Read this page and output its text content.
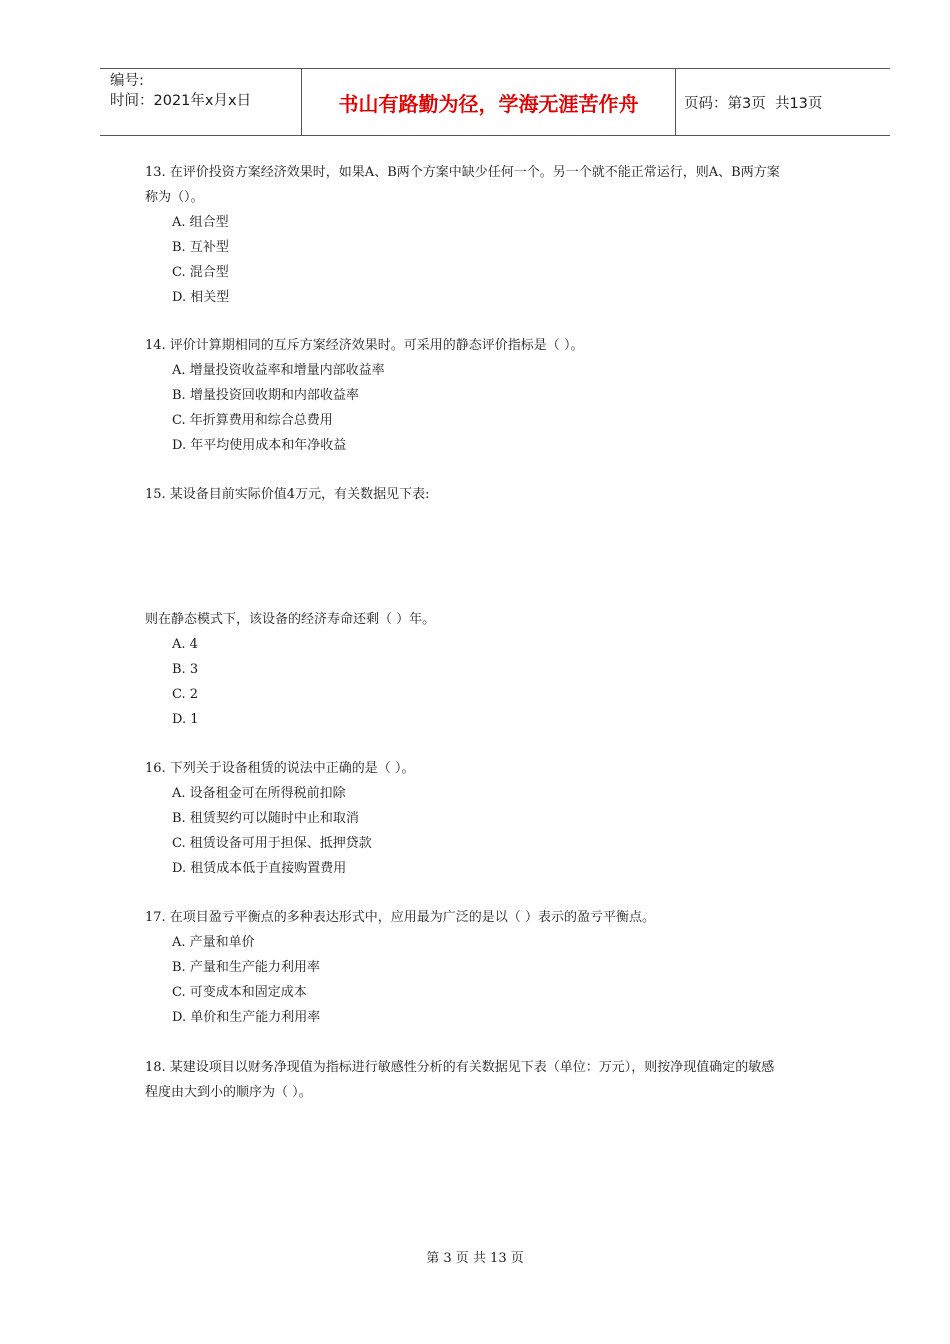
编号:
时间：2021年x月x日	书山有路勤为径，学海无涯苦作舟	页码：第3页  共13页
13. 在评价投资方案经济效果时，如果A、B两个方案中缺少任何一个。另一个就不能正常运行，则A、B两方案
称为（）。
A. 组合型
B. 互补型
C. 混合型
D. 相关型
14. 评价计算期相同的互斥方案经济效果时。可采用的静态评价指标是（ ）。
A. 增量投资收益率和增量内部收益率
B. 增量投资回收期和内部收益率
C. 年折算费用和综合总费用
D. 年平均使用成本和年净收益
15. 某设备目前实际价值4万元，有关数据见下表:
则在静态模式下，该设备的经济寿命还剩（ ）年。
A. 4
B. 3
C. 2
D. 1
16. 下列关于设备租赁的说法中正确的是（ ）。
A. 设备租金可在所得税前扣除
B. 租赁契约可以随时中止和取消
C. 租赁设备可用于担保、抵押贷款
D. 租赁成本低于直接购置费用
17. 在项目盈亏平衡点的多种表达形式中，应用最为广泛的是以（ ）表示的盈亏平衡点。
A. 产量和单价
B. 产量和生产能力利用率
C. 可变成本和固定成本
D. 单价和生产能力利用率
18. 某建设项目以财务净现值为指标进行敏感性分析的有关数据见下表（单位：万元），则按净现值确定的敏感
程度由大到小的顺序为（ ）。
第 3 页 共 13 页
